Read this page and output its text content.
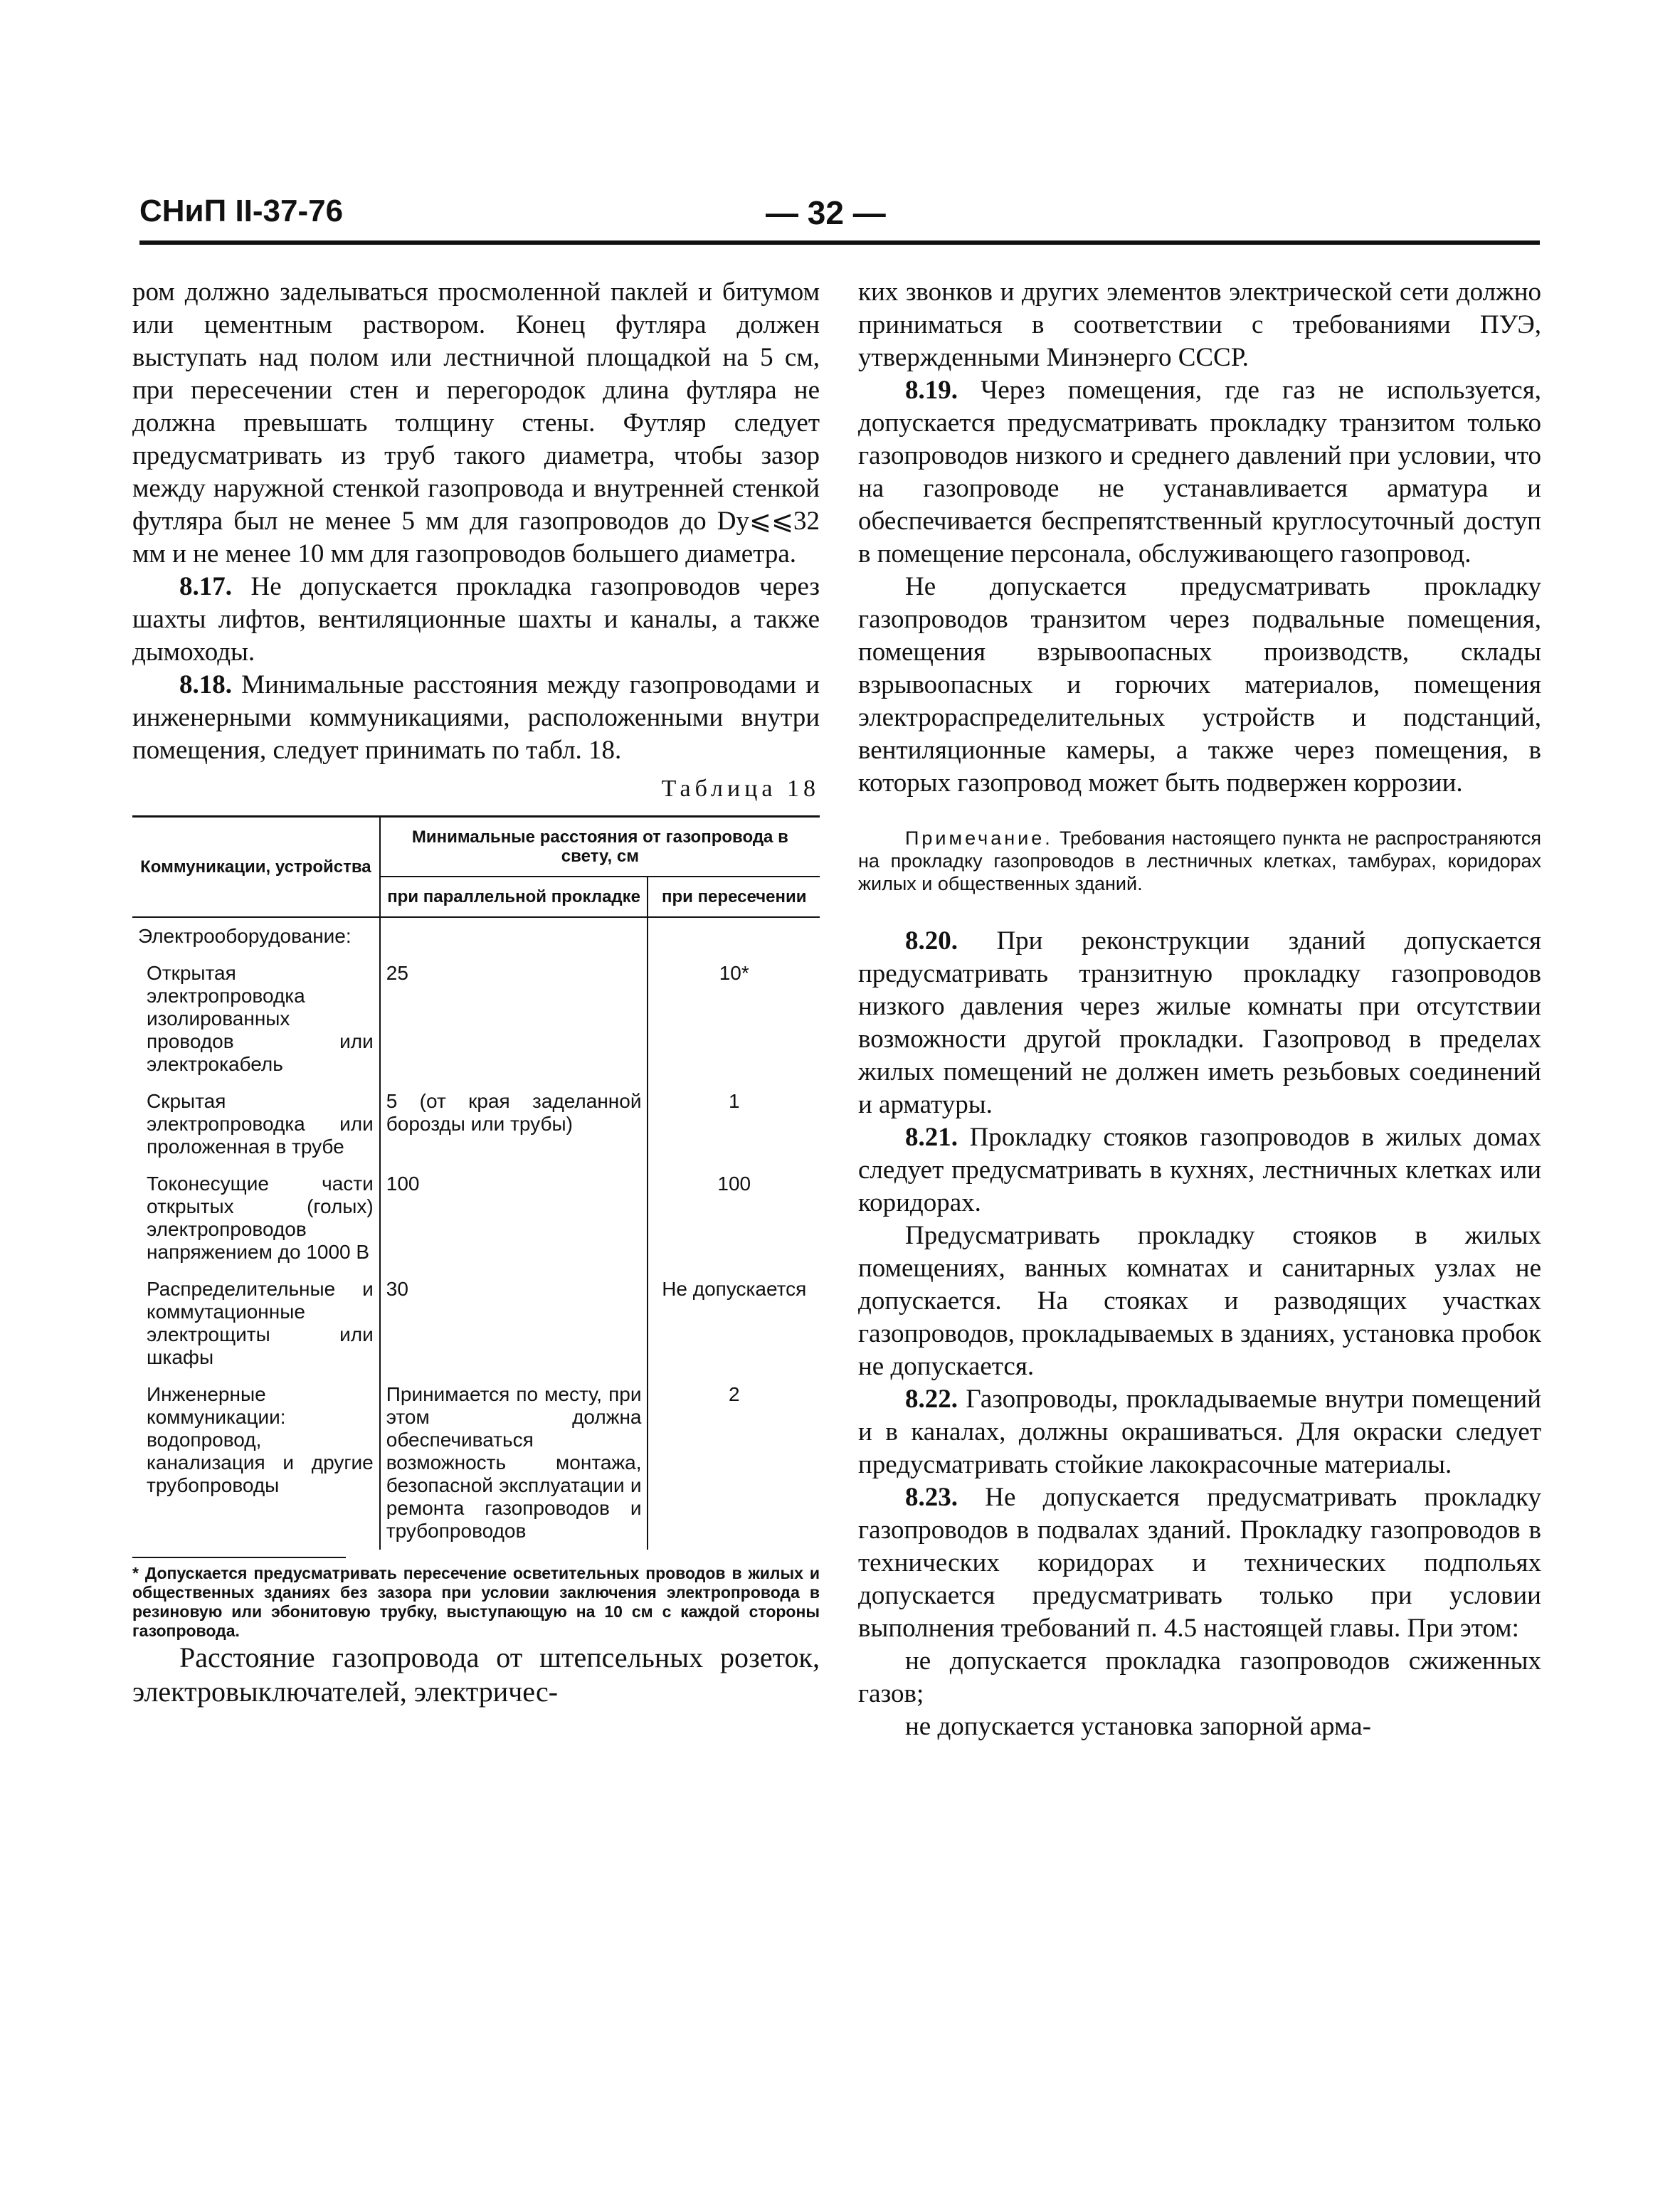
СНиП II-37-76	— 32 —

ром должно заделываться просмоленной паклей и битумом или цементным раствором. Конец футляра должен выступать над полом или лестничной площадкой на 5 см, при пересечении стен и перегородок длина футляра не должна превышать толщину стены. Футляр следует предусматривать из труб такого диаметра, чтобы зазор между наружной стенкой газопровода и внутренней стенкой футляра был не менее 5 мм для газопроводов до Dу⩽⩽32 мм и не менее 10 мм для газопроводов большего диаметра.

8.17. Не допускается прокладка газопроводов через шахты лифтов, вентиляционные шахты и каналы, а также дымоходы.

8.18. Минимальные расстояния между газопроводами и инженерными коммуникациями, расположенными внутри помещения, следует принимать по табл. 18.

Таблица 18
Коммуникации, устройства	Минимальные расстояния от газопровода в свету, см	
	при параллельной прокладке	при пересечении
Электрооборудование:		
Открытая электропроводка изолированных проводов или электрокабель	25	10*
Скрытая электропроводка или проложенная в трубе	5 (от края заделанной борозды или трубы)	1
Токонесущие части открытых (голых) электропроводов напряжением до 1000 В	100	100
Распределительные и коммутационные электрощиты или шкафы	30	Не допускается
Инженерные коммуникации: водопровод, канализация и другие трубопроводы	Принимается по месту, при этом должна обеспечиваться возможность монтажа, безопасной эксплуатации и ремонта газопроводов и трубопроводов	2
* Допускается предусматривать пересечение осветительных проводов в жилых и общественных зданиях без зазора при условии заключения электропровода в резиновую или эбонитовую трубку, выступающую на 10 см с каждой стороны газопровода.

Расстояние газопровода от штепсельных розеток, электровыключателей, электричес-

ких звонков и других элементов электрической сети должно приниматься в соответствии с требованиями ПУЭ, утвержденными Минэнерго СССР.

8.19. Через помещения, где газ не используется, допускается предусматривать прокладку транзитом только газопроводов низкого и среднего давлений при условии, что на газопроводе не устанавливается арматура и обеспечивается беспрепятственный круглосуточный доступ в помещение персонала, обслуживающего газопровод.

Не допускается предусматривать прокладку газопроводов транзитом через подвальные помещения, помещения взрывоопасных производств, склады взрывоопасных и горючих материалов, помещения электрораспределительных устройств и подстанций, вентиляционные камеры, а также через помещения, в которых газопровод может быть подвержен коррозии.

Примечание. Требования настоящего пункта не распространяются на прокладку газопроводов в лестничных клетках, тамбурах, коридорах жилых и общественных зданий.

8.20. При реконструкции зданий допускается предусматривать транзитную прокладку газопроводов низкого давления через жилые комнаты при отсутствии возможности другой прокладки. Газопровод в пределах жилых помещений не должен иметь резьбовых соединений и арматуры.

8.21. Прокладку стояков газопроводов в жилых домах следует предусматривать в кухнях, лестничных клетках или коридорах.

Предусматривать прокладку стояков в жилых помещениях, ванных комнатах и санитарных узлах не допускается. На стояках и разводящих участках газопроводов, прокладываемых в зданиях, установка пробок не допускается.

8.22. Газопроводы, прокладываемые внутри помещений и в каналах, должны окрашиваться. Для окраски следует предусматривать стойкие лакокрасочные материалы.

8.23. Не допускается предусматривать прокладку газопроводов в подвалах зданий. Прокладку газопроводов в технических коридорах и технических подпольях допускается предусматривать только при условии выполнения требований п. 4.5 настоящей главы. При этом:

не допускается прокладка газопроводов сжиженных газов;

не допускается установка запорной арма-
